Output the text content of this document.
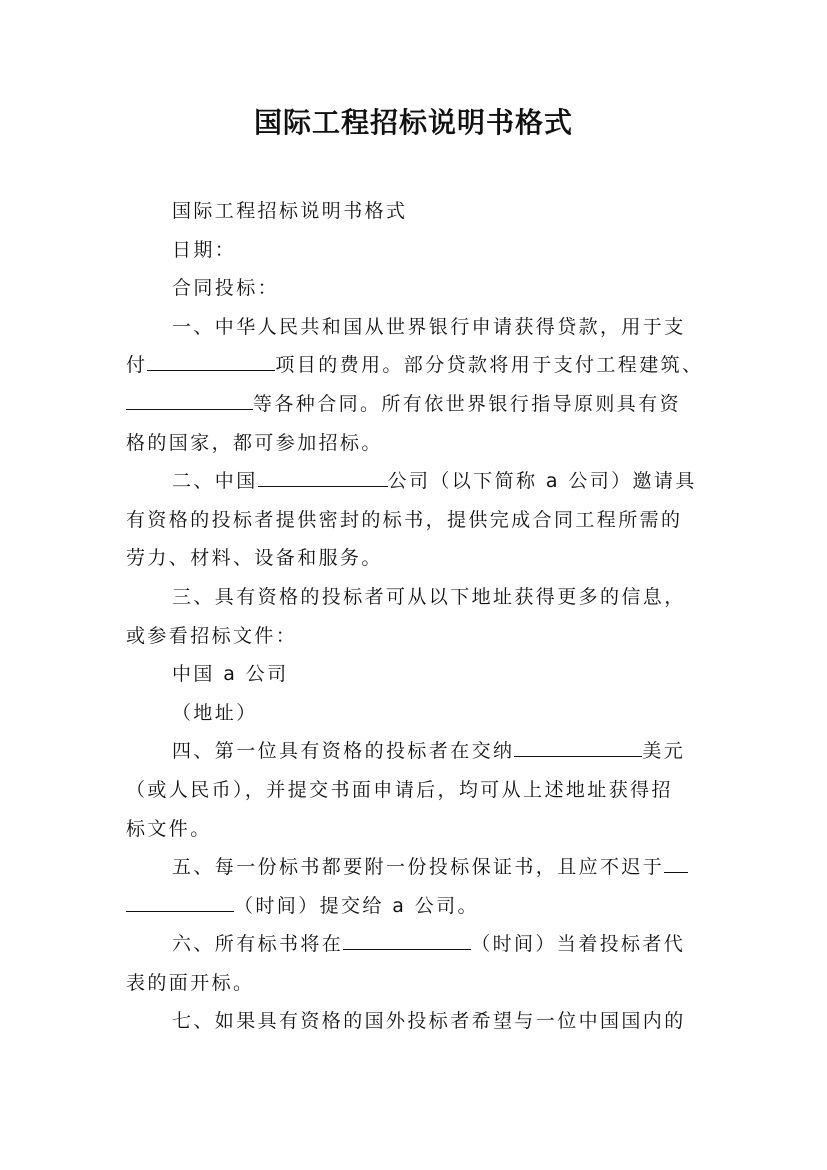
国际工程招标说明书格式
国际工程招标说明书格式
日期：
合同投标：
一、中华人民共和国从世界银行申请获得贷款，用于支
付	项目的费用。部分贷款将用于支付工程建筑、
等各种合同。所有依世界银行指导原则具有资
格的国家，都可参加招标。
二、中国	公司（以下简称 a 公司）邀请具
有资格的投标者提供密封的标书，提供完成合同工程所需的
劳力、材料、设备和服务。
三、具有资格的投标者可从以下地址获得更多的信息，
或参看招标文件：
中国 a 公司
（地址）
四、第一位具有资格的投标者在交纳	美元
（或人民币），并提交书面申请后，均可从上述地址获得招
标文件。
五、每一份标书都要附一份投标保证书，且应不迟于
（时间）提交给 a 公司。
六、所有标书将在	（时间）当着投标者代
表的面开标。
七、如果具有资格的国外投标者希望与一位中国国内的
